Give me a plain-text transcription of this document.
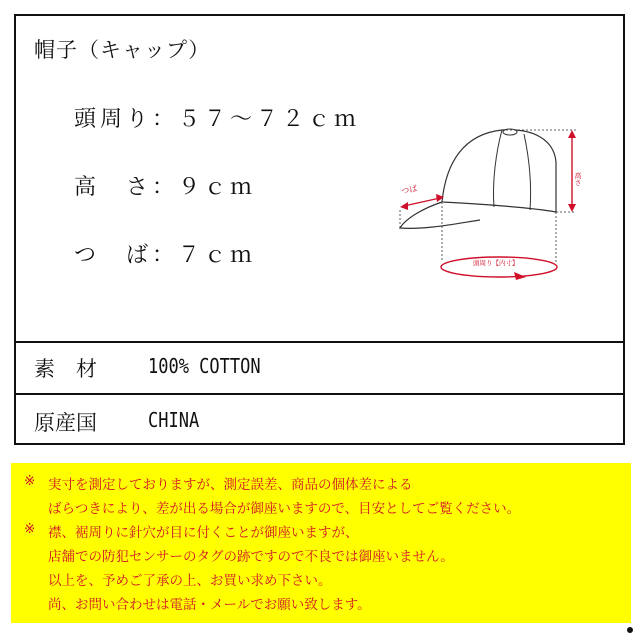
帽子（キャップ）
頭周り：５７～７２ｃｍ
高　さ：９ｃｍ
つ　ば：７ｃｍ
高さ
つば
頭周り【内寸】
素　材	100% COTTON
原産国	CHINA
※ 実寸を測定しておりますが、測定誤差、商品の個体差による
ばらつきにより、差が出る場合が御座いますので、目安としてご覧ください。
※ 襟、裾周りに針穴が目に付くことが御座いますが、
店舗での防犯センサーのタグの跡ですので不良では御座いません。
以上を、予めご了承の上、お買い求め下さい。
尚、お問い合わせは電話・メールでお願い致します。
